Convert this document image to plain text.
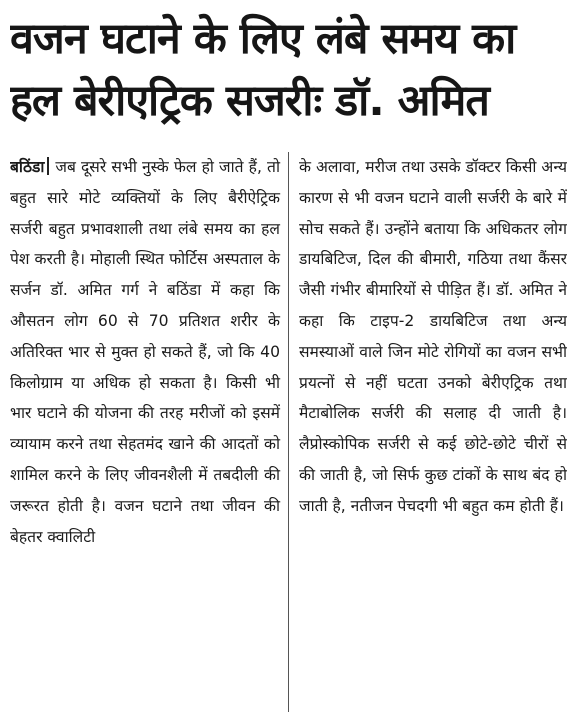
वजन घटाने के लिए लंबे समय का
हल बेरीएट्रिक सजरीः डॉ. अमित
बठिंडा जब दूसरे सभी नुस्के फेल हो जाते हैं, तो बहुत सारे मोटे व्यक्तियों के लिए बैरीऐट्रिक सर्जरी बहुत प्रभावशाली तथा लंबे समय का हल पेश करती है। मोहाली स्थित फोर्टिस अस्पताल के सर्जन डॉ. अमित गर्ग ने बठिंडा में कहा कि औसतन लोग 60 से 70 प्रतिशत शरीर के अतिरिक्त भार से मुक्त हो सकते हैं, जो कि 40 किलोग्राम या अधिक हो सकता है। किसी भी भार घटाने की योजना की तरह मरीजों को इसमें व्यायाम करने तथा सेहतमंद खाने की आदतों को शामिल करने के लिए जीवनशैली में तबदीली की जरूरत होती है। वजन घटाने तथा जीवन की बेहतर क्वालिटी
के अलावा, मरीज तथा उसके डॉक्टर किसी अन्य कारण से भी वजन घटाने वाली सर्जरी के बारे में सोच सकते हैं। उन्होंने बताया कि अधिकतर लोग डायबिटिज, दिल की बीमारी, गठिया तथा कैंसर जैसी गंभीर बीमारियों से पीड़ित हैं। डॉ. अमित ने कहा कि टाइप-2 डायबिटिज तथा अन्य समस्याओं वाले जिन मोटे रोगियों का वजन सभी प्रयत्नों से नहीं घटता उनको बेरीएट्रिक तथा मैटाबोलिक सर्जरी की सलाह दी जाती है। लैप्रोस्कोपिक सर्जरी से कई छोटे-छोटे चीरों से की जाती है, जो सिर्फ कुछ टांकों के साथ बंद हो जाती है, नतीजन पेचदगी भी बहुत कम होती हैं।
